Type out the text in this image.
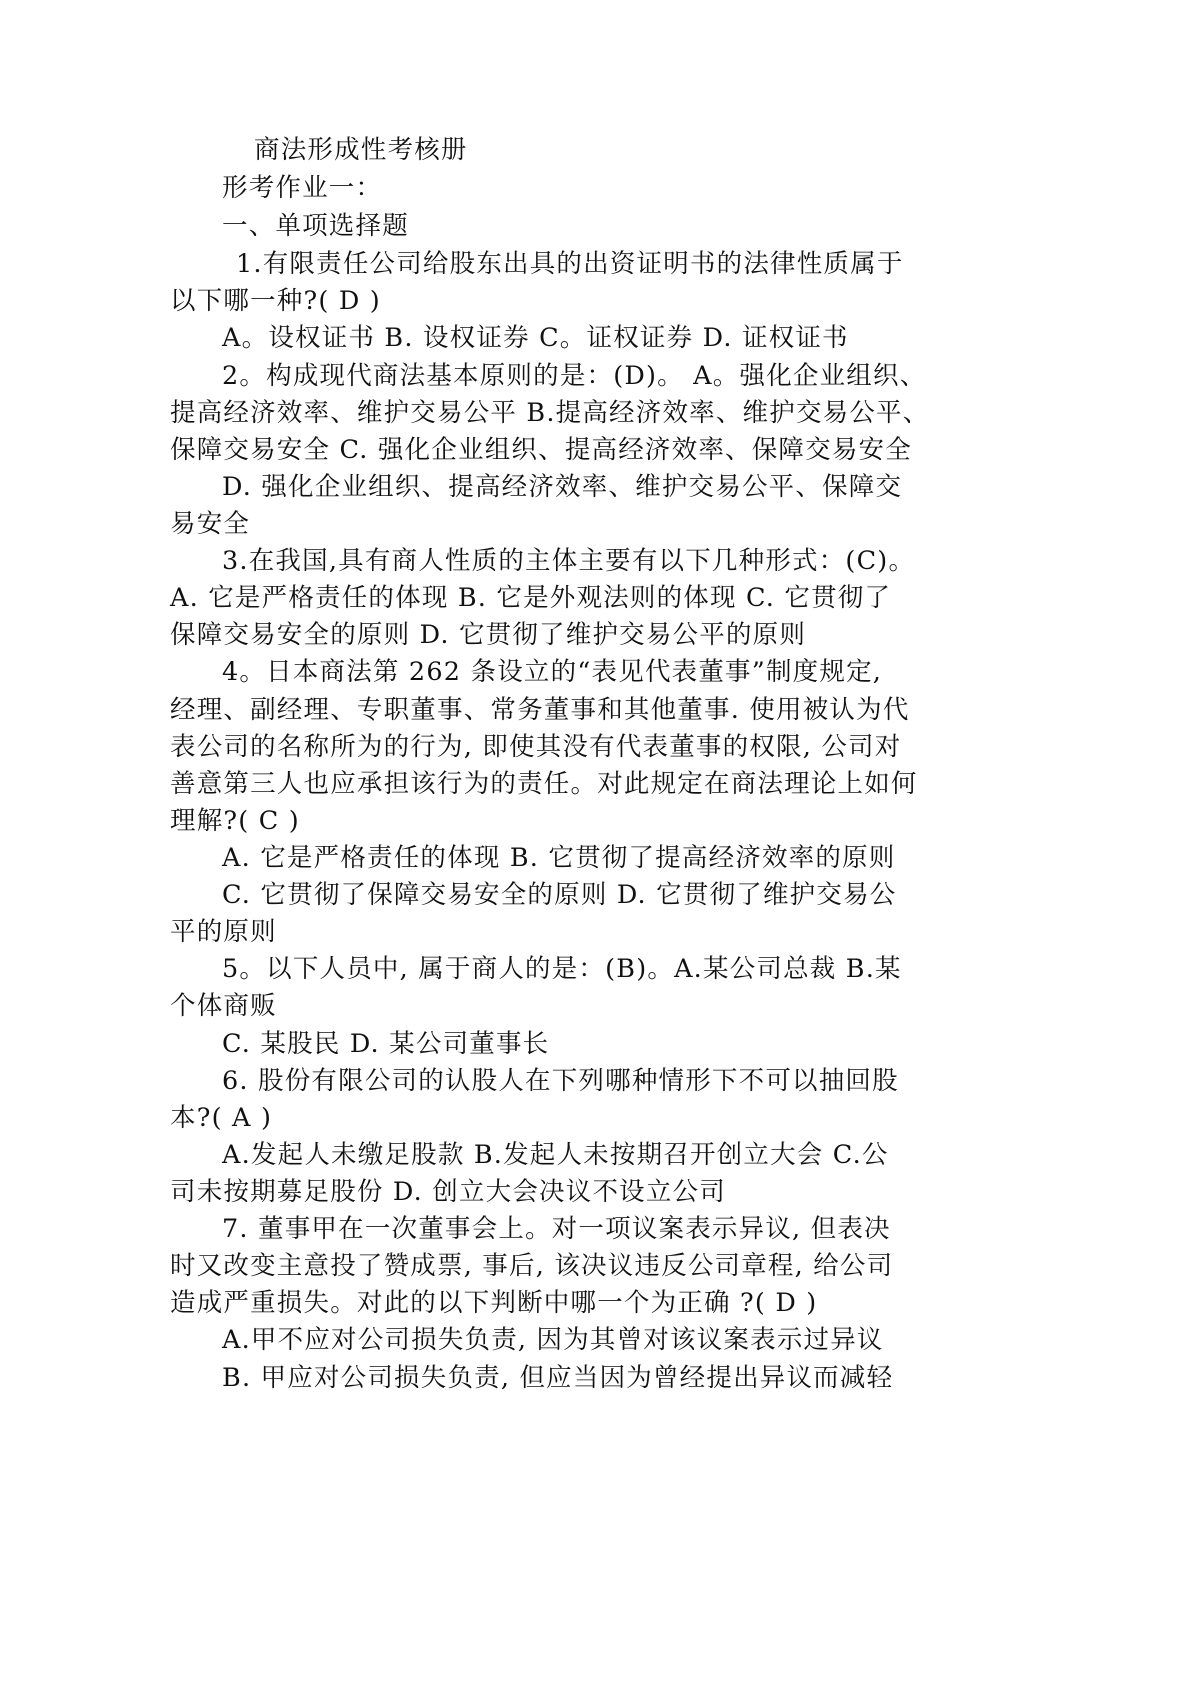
商法形成性考核册
形考作业一：
一、单项选择题
1.有限责任公司给股东出具的出资证明书的法律性质属于
以下哪一种?( D )
A。设权证书 B. 设权证券 C。证权证券 D. 证权证书
2。构成现代商法基本原则的是：(D)。 A。强化企业组织、
提高经济效率、维护交易公平 B.提高经济效率、维护交易公平、
保障交易安全 C. 强化企业组织、提高经济效率、保障交易安全
D. 强化企业组织、提高经济效率、维护交易公平、保障交
易安全
3.在我国,具有商人性质的主体主要有以下几种形式：(C)。
A. 它是严格责任的体现 B. 它是外观法则的体现 C. 它贯彻了
保障交易安全的原则 D. 它贯彻了维护交易公平的原则
4。日本商法第 262 条设立的“表见代表董事”制度规定,
经理、副经理、专职董事、常务董事和其他董事. 使用被认为代
表公司的名称所为的行为, 即使其没有代表董事的权限, 公司对
善意第三人也应承担该行为的责任。对此规定在商法理论上如何
理解?( C )
A. 它是严格责任的体现 B. 它贯彻了提高经济效率的原则
C. 它贯彻了保障交易安全的原则 D. 它贯彻了维护交易公
平的原则
5。以下人员中, 属于商人的是：(B)。A.某公司总裁 B.某
个体商贩
C. 某股民 D. 某公司董事长
6. 股份有限公司的认股人在下列哪种情形下不可以抽回股
本?( A )
A.发起人未缴足股款 B.发起人未按期召开创立大会 C.公
司未按期募足股份 D. 创立大会决议不设立公司
7. 董事甲在一次董事会上。对一项议案表示异议, 但表决
时又改变主意投了赞成票, 事后, 该决议违反公司章程, 给公司
造成严重损失。对此的以下判断中哪一个为正确 ?( D )
A.甲不应对公司损失负责, 因为其曾对该议案表示过异议
B. 甲应对公司损失负责, 但应当因为曾经提出异议而减轻
